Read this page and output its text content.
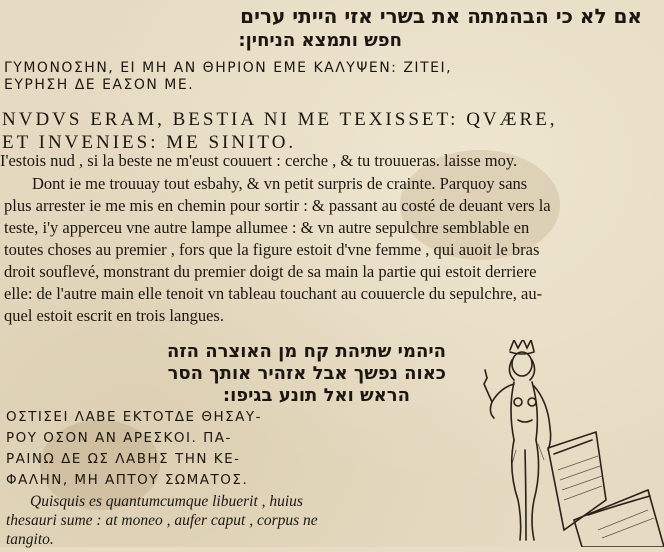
אם לא כי הבהמתה את בשרי אזי הייתי ערים
חפש ותמצא הניחין:
ΓΥΜΟΝΟΣΗΝ, ΕΙ ΜΗ ΑΝ ΘΗΡΙΟΝ ΕΜΕ ΚΑΛΥΨΕΝ: ΖΙΤΕΙ,
ΕΥΡΗΣΗ ΔΕ ΕΑΣΟΝ ΜΕ.
NVDVS ERAM, BESTIA NI ME TEXISSET: QVÆRE,
ET INVENIES: ME SINITO.
I'estois nud , si la beste ne m'eust couuert : cerche , & tu trouueras. laisse moy.
Dont ie me trouuay tout esbahy, & vn petit surpris de crainte. Parquoy sans
plus arrester ie me mis en chemin pour sortir : & passant au costé de deuant vers la
teste, i'y apperceu vne autre lampe allumee : & vn autre sepulchre semblable en
toutes choses au premier , fors que la figure estoit d'vne femme , qui auoit le bras
droit souflevé, monstrant du premier doigt de sa main la partie qui estoit derriere
elle: de l'autre main elle tenoit vn tableau touchant au couuercle du sepulchre, au-
quel estoit escrit en trois langues.
היהמי שתיהת קח מן האוצרה הזה
כאוה נפשך אבל אזהיר אותך הסר
הראש ואל תונע בגיפו:
ΟΣΤΙΣΕΙ ΛΑΒΕ ΕΚΤΟΤΔΕ ΘΗΣΑΥ-
ΡΟΥ ΟΣΟΝ ΑΝ ΑΡΕΣΚΟΙ. ΠΑ-
ΡΑΙΝΩ ΔΕ ΩΣ ΛΑΒΗΣ ΤΗΝ ΚΕ-
ΦΑΛΗΝ, ΜΗ ΑΠΤΟΥ ΣΩΜΑΤΟΣ.
Quisquis es quantumcumque libuerit , huius
thesauri sume : at moneo , aufer caput , corpus ne
tangito.
